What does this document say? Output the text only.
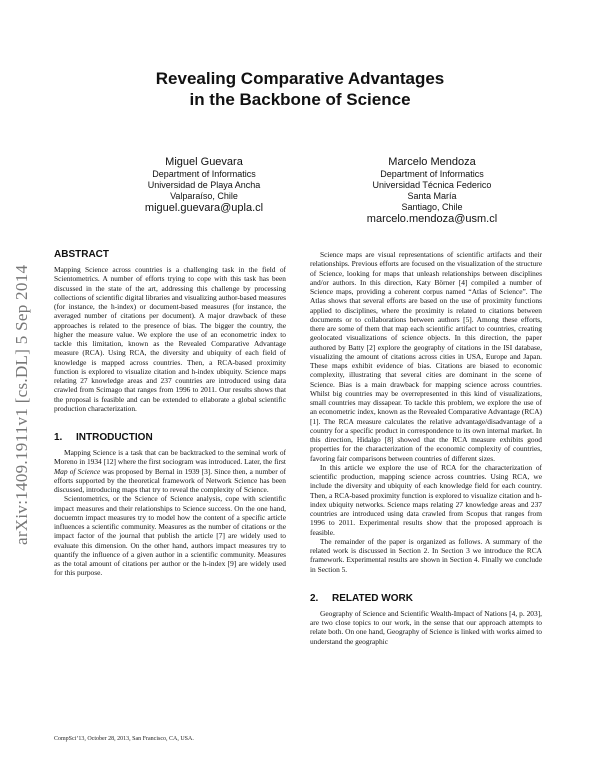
arXiv:1409.1911v1 [cs.DL] 5 Sep 2014
Revealing Comparative Advantages
in the Backbone of Science
Miguel Guevara
Department of Informatics
Universidad de Playa Ancha
Valparaíso, Chile
miguel.guevara@upla.cl
Marcelo Mendoza
Department of Informatics
Universidad Técnica Federico
Santa María
Santiago, Chile
marcelo.mendoza@usm.cl
ABSTRACT

Mapping Science across countries is a challenging task in the field of Scientometrics. A number of efforts trying to cope with this task has been discussed in the state of the art, addressing this challenge by processing collections of scientific digital libraries and visualizing author-based measures (for instance, the h-index) or document-based measures (for instance, the averaged number of citations per document). A major drawback of these approaches is related to the presence of bias. The bigger the country, the higher the measure value. We explore the use of an econometric index to tackle this limitation, known as the Revealed Comparative Advantage measure (RCA). Using RCA, the diversity and ubiquity of each field of knowledge is mapped across countries. Then, a RCA-based proximity function is explored to visualize citation and h-index ubiquity. Science maps relating 27 knowledge areas and 237 countries are introduced using data crawled from Scimago that ranges from 1996 to 2011. Our results shows that the proposal is feasible and can be extended to ellaborate a global scientific production characterization.

1. INTRODUCTION

Mapping Science is a task that can be backtracked to the seminal work of Moreno in 1934 [12] where the first sociogram was introduced. Later, the first Map of Science was proposed by Bernal in 1939 [3]. Since then, a number of efforts supported by the theoretical framework of Network Science has been discussed, introducing maps that try to reveal the complexity of Science.

Scientometrics, or the Science of Science analysis, cope with scientific impact measures and their relationships to Science success. On the one hand, docuemtn impact measures try to model how the content of a specific article influences a scientific community. Measures as the number of citations or the impact factor of the journal that publish the article [7] are widely used to evaluate this dimension. On the other hand, authors impact measures try to quantify the influence of a given author in a scientific community. Measures as the total amount of citations per author or the h-index [9] are widely used for this purpose.

Science maps are visual representations of scientific artifacts and their relationships. Previous efforts are focused on the visualization of the structure of Science, looking for maps that unleash relationships between disciplines and/or authors. In this direction, Katy Börner [4] compiled a number of Science maps, providing a coherent corpus named “Atlas of Science”. The Atlas shows that several efforts are based on the use of proximity functions applied to disciplines, where the proximity is related to citations between documents or to collaborations between authors [5]. Among these efforts, there are some of them that map each scientific artifact to countries, creating geolocated visualizations of science objects. In this direction, the paper authored by Batty [2] explore the geography of citations in the ISI database, visualizing the amount of citations across cities in USA, Europe and Japan. These maps exhibit evidence of bias. Citations are biased to economic complexity, illustrating that several cities are dominant in the scene of Science. Bias is a main drawback for mapping science across countries. Whilst big countries may be overrepresented in this kind of visualizations, small countries may dissapear. To tackle this problem, we explore the use of an econometric index, known as the Revealed Comparative Advantage (RCA) [1]. The RCA measure calculates the relative advantage/disadvantage of a country for a specific product in correspondence to its own internal market. In this direction, Hidalgo [8] showed that the RCA measure exhibits good properties for the characterization of the economic complexity of countries, favoring fair comparisons between countries of different sizes.

In this article we explore the use of RCA for the characterization of scientific production, mapping science across countries. Using RCA, we include the diversity and ubiquity of each knowledge field for each country. Then, a RCA-based proximity function is explored to visualize citation and h-index ubiquity networks. Science maps relating 27 knowledge areas and 237 countries are introduced using data crawled from Scopus that ranges from 1996 to 2011. Experimental results show that the proposed approach is feasible.

The remainder of the paper is organized as follows. A summary of the related work is discussed in Section 2. In Section 3 we introduce the RCA framework. Experimental results are shown in Section 4. Finally we conclude in Section 5.

2. RELATED WORK

Geography of Science and Scientific Wealth-Impact of Nations [4, p. 203], are two close topics to our work, in the sense that our approach attempts to relate both. On one hand, Geography of Science is linked with works aimed to understand the geographic

CompSci’13, October 28, 2013, San Francisco, CA, USA.
